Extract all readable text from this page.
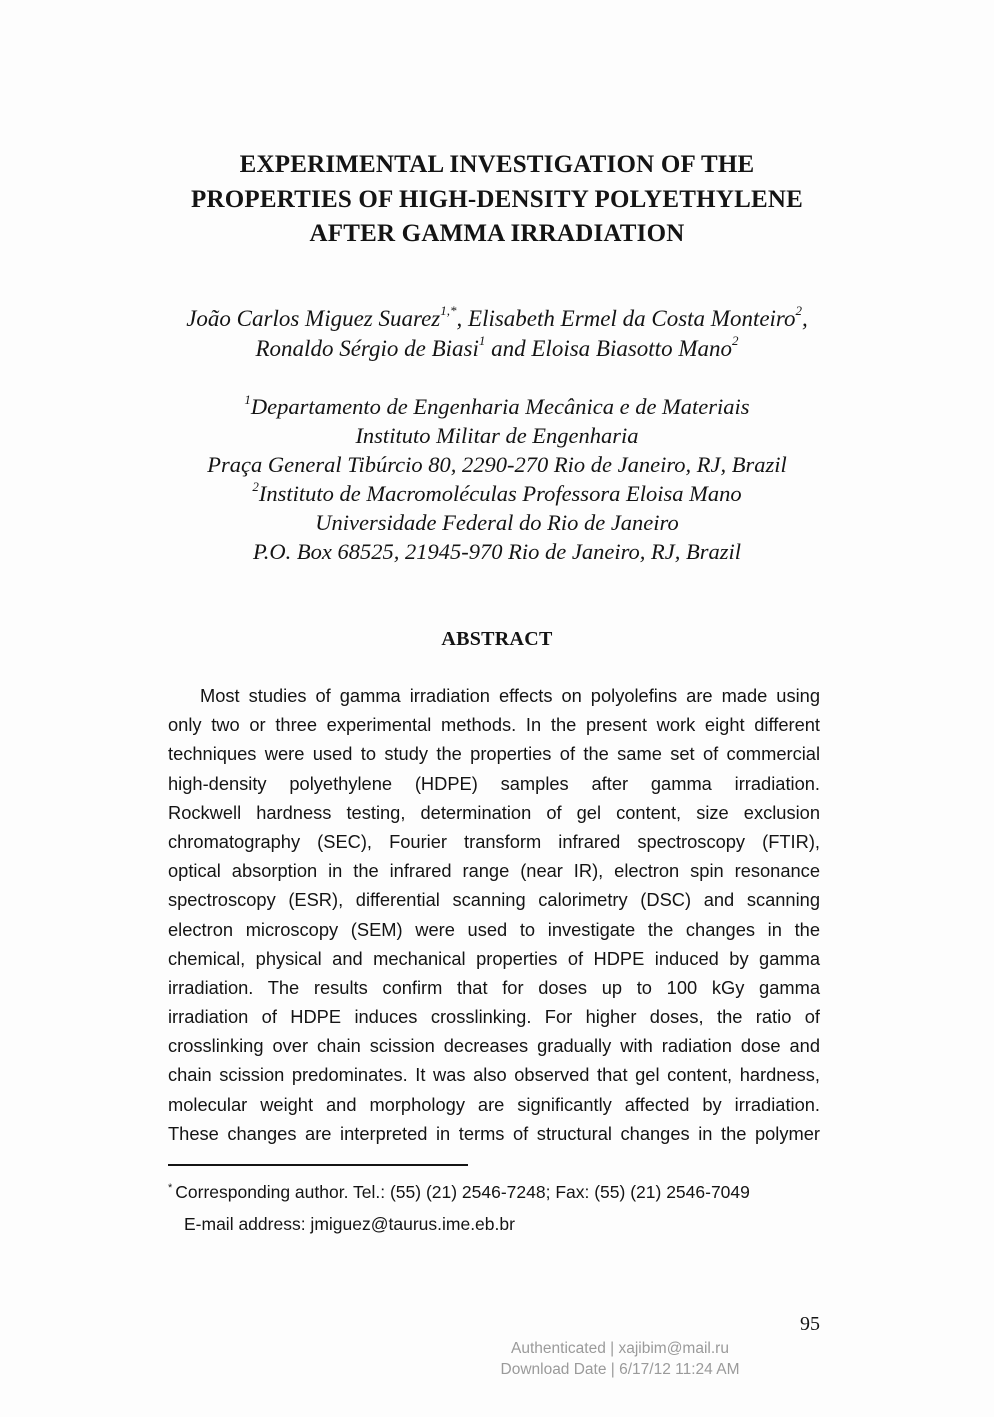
EXPERIMENTAL INVESTIGATION OF THE
PROPERTIES OF HIGH-DENSITY POLYETHYLENE
AFTER GAMMA IRRADIATION
João Carlos Miguez Suarez$^{1,*}$, Elisabeth Ermel da Costa Monteiro$^2$,
Ronaldo Sérgio de Biasi$^1$ and Eloisa Biasotto Mano$^2$
$^1$Departamento de Engenharia Mecânica e de Materiais
Instituto Militar de Engenharia
Praça General Tibúrcio 80, 2290-270 Rio de Janeiro, RJ, Brazil
$^2$Instituto de Macromoléculas Professora Eloisa Mano
Universidade Federal do Rio de Janeiro
P.O. Box 68525, 21945-970 Rio de Janeiro, RJ, Brazil
ABSTRACT
Most studies of gamma irradiation effects on polyolefins are made using
only two or three experimental methods. In the present work eight different
techniques were used to study the properties of the same set of commercial
high-density polyethylene (HDPE) samples after gamma irradiation.
Rockwell hardness testing, determination of gel content, size exclusion
chromatography (SEC), Fourier transform infrared spectroscopy (FTIR),
optical absorption in the infrared range (near IR), electron spin resonance
spectroscopy (ESR), differential scanning calorimetry (DSC) and scanning
electron microscopy (SEM) were used to investigate the changes in the
chemical, physical and mechanical properties of HDPE induced by gamma
irradiation. The results confirm that for doses up to 100 kGy gamma
irradiation of HDPE induces crosslinking. For higher doses, the ratio of
crosslinking over chain scission decreases gradually with radiation dose and
chain scission predominates. It was also observed that gel content, hardness,
molecular weight and morphology are significantly affected by irradiation.
These changes are interpreted in terms of structural changes in the polymer
* Corresponding author. Tel.: (55) (21) 2546-7248; Fax: (55) (21) 2546-7049
E-mail address: jmiguez@taurus.ime.eb.br
95
Authenticated | xajibim@mail.ru
Download Date | 6/17/12 11:24 AM
